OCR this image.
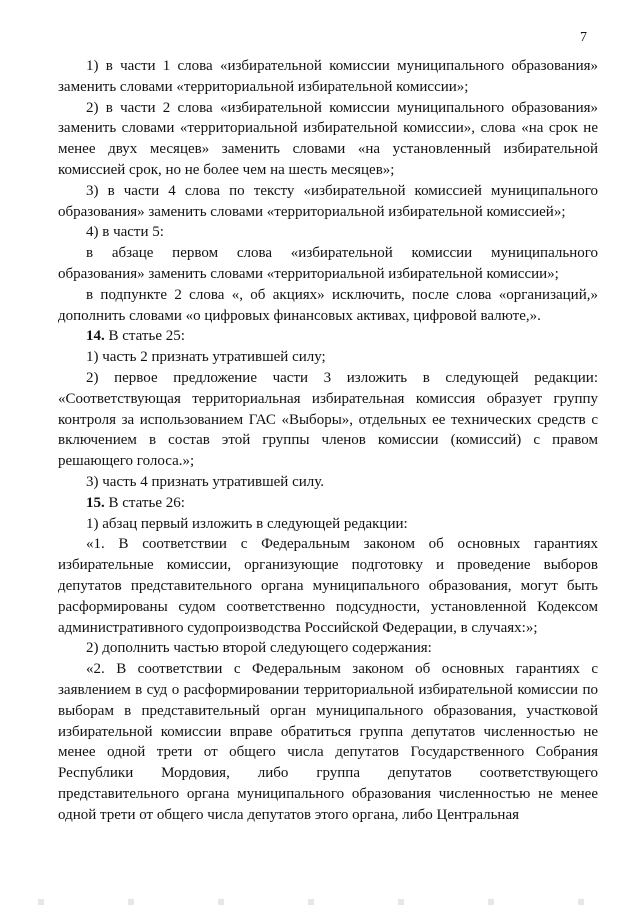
7

1) в части 1 слова «избирательной комиссии муниципального образования» заменить словами «территориальной избирательной комиссии»;

2) в части 2 слова «избирательной комиссии муниципального образования» заменить словами «территориальной избирательной комиссии», слова «на срок не менее двух месяцев» заменить словами «на установленный избирательной комиссией срок, но не более чем на шесть месяцев»;

3) в части 4 слова по тексту «избирательной комиссией муниципального образования» заменить словами «территориальной избирательной комиссией»;

4) в части 5:

в абзаце первом слова «избирательной комиссии муниципального образования» заменить словами «территориальной избирательной комиссии»;

в подпункте 2 слова «, об акциях» исключить, после слова «организаций,» дополнить словами «о цифровых финансовых активах, цифровой валюте,».

14. В статье 25:

1) часть 2 признать утратившей силу;

2) первое предложение части 3 изложить в следующей редакции: «Соответствующая территориальная избирательная комиссия образует группу контроля за использованием ГАС «Выборы», отдельных ее технических средств с включением в состав этой группы членов комиссии (комиссий) с правом решающего голоса.»;

3) часть 4 признать утратившей силу.

15. В статье 26:

1) абзац первый изложить в следующей редакции:

«1. В соответствии с Федеральным законом об основных гарантиях избирательные комиссии, организующие подготовку и проведение выборов депутатов представительного органа муниципального образования, могут быть расформированы судом соответственно подсудности, установленной Кодексом административного судопроизводства Российской Федерации, в случаях:»;

2) дополнить частью второй следующего содержания:

«2. В соответствии с Федеральным законом об основных гарантиях с заявлением в суд о расформировании территориальной избирательной комиссии по выборам в представительный орган муниципального образования, участковой избирательной комиссии вправе обратиться группа депутатов численностью не менее одной трети от общего числа депутатов Государственного Собрания Республики Мордовия, либо группа депутатов соответствующего представительного органа муниципального образования численностью не менее одной трети от общего числа депутатов этого органа, либо Центральная
